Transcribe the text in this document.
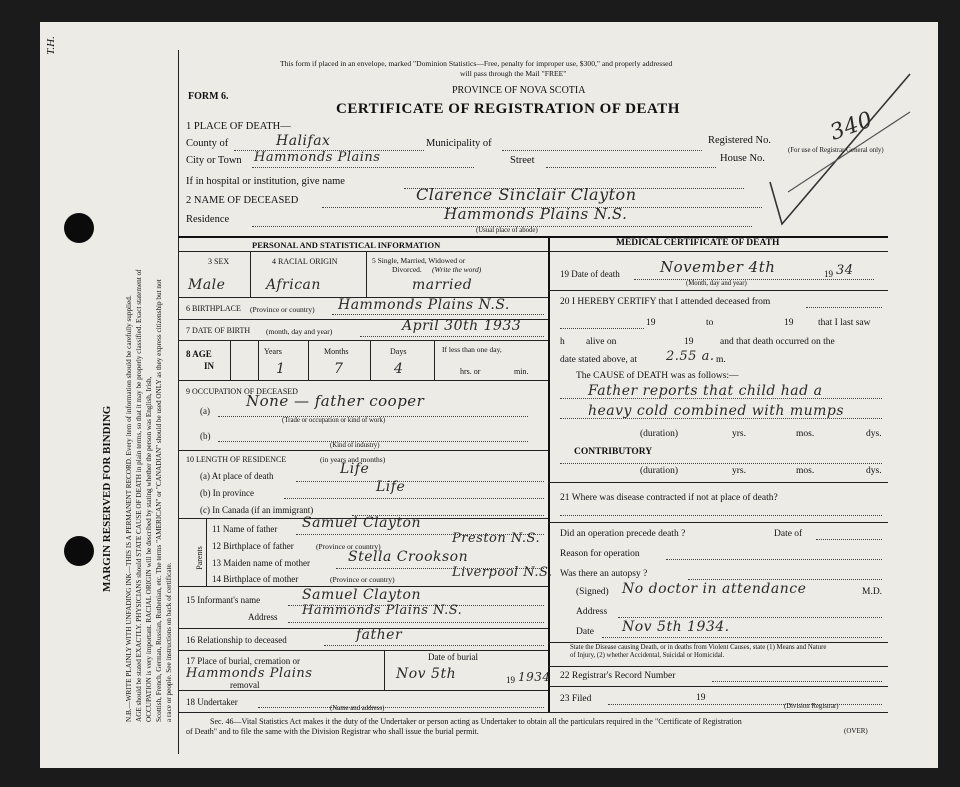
T.H.
N.B.—WRITE PLAINLY WITH UNFADING INK—THIS IS A PERMANENT RECORD. Every item of information should be carefully supplied. AGE should be stated EXACTLY. PHYSICIANS should STATE CAUSE OF DEATH in plain terms, so that it may be properly classified. Exact statement of OCCUPATION is very important. RACIAL ORIGIN will be described by stating whether the person was English, Irish, Scottish, French, German, Russian, Ruthenian, etc. The terms "AMERICAN" or "CANADIAN" should be used ONLY as they express citizenship but not a race or people. See instructions on back of certificate.
MARGIN RESERVED FOR BINDING
This form if placed in an envelope, marked "Dominion Statistics—Free, penalty for improper use, $300," and properly addressed
will pass through the Mail "FREE"
FORM 6.
PROVINCE OF NOVA SCOTIA
CERTIFICATE OF REGISTRATION OF DEATH	340
1 PLACE OF DEATH—
County of	Halifax	Municipality of	Registered No.
(For use of Registrar General only)
City or Town Hammonds Plains	Street	House No.
If in hospital or institution, give name
2 NAME OF DECEASED	Clarence Sinclair Clayton
Residence	Hammonds Plains N.S.
(Usual place of abode)
PERSONAL AND STATISTICAL INFORMATION
3 SEX	4 RACIAL ORIGIN	5 Single, Married, Widowed or
Divorced. (Write the word)
Male	African	married
6 BIRTHPLACE (Province or country) Hammonds Plains N.S.
7 DATE OF BIRTH (month, day and year)	April 30th 1933
8 AGE
IN
Years	Months	Days
1	7	4
If less than one day,
hrs. or	min.
9 OCCUPATION OF DECEASED
(a)
None — father cooper
(Trade or occupation or kind of work)
(b)
(Kind of industry)
10 LENGTH OF RESIDENCE	(in years and months)
(a) At place of death	Life
(b) In province	Life
(c) In Canada (if an immigrant)
Parents
11 Name of father Samuel Clayton
12 Birthplace of father	(Province or country)
Preston N.S.
13 Maiden name of mother	Stella Crookson
14 Birthplace of mother	(Province or country)	Liverpool N.S.
15 Informant's name	Samuel Clayton
Address Hammonds Plains N.S.
16 Relationship to deceased	father
17 Place of burial, cremation or
removal
Hammonds Plains
Date of burial
Nov 5th	19 1934
18 Undertaker
(Name and address)
MEDICAL CERTIFICATE OF DEATH
19 Date of death	November 4th	19 34
(Month, day and year)
20 I HEREBY CERTIFY that I attended deceased from
19	to	19	that I last saw
h alive on	19	and that death occurred on the
date stated above, at 2.55 a. m.
The CAUSE of DEATH was as follows:—
Father reports that child had a
heavy cold combined with mumps
(duration)	yrs.	mos.	dys.
CONTRIBUTORY
(duration)	yrs.	mos.	dys.
21 Where was disease contracted if not at place of death?
Did an operation precede death ?	Date of
Reason for operation
Was there an autopsy ?
(Signed) No doctor in attendance	M.D.
Address
Date Nov 5th 1934.
State the Disease causing Death, or in deaths from Violent Causes, state (1) Means and Nature
of Injury, (2) whether Accidental, Suicidal or Homicidal.
22 Registrar's Record Number
23 Filed	19
(Division Registrar)
Sec. 46—Vital Statistics Act makes it the duty of the Undertaker or person acting as Undertaker to obtain all the particulars required in the "Certificate of Registration
of Death" and to file the same with the Division Registrar who shall issue the burial permit.	(OVER)
